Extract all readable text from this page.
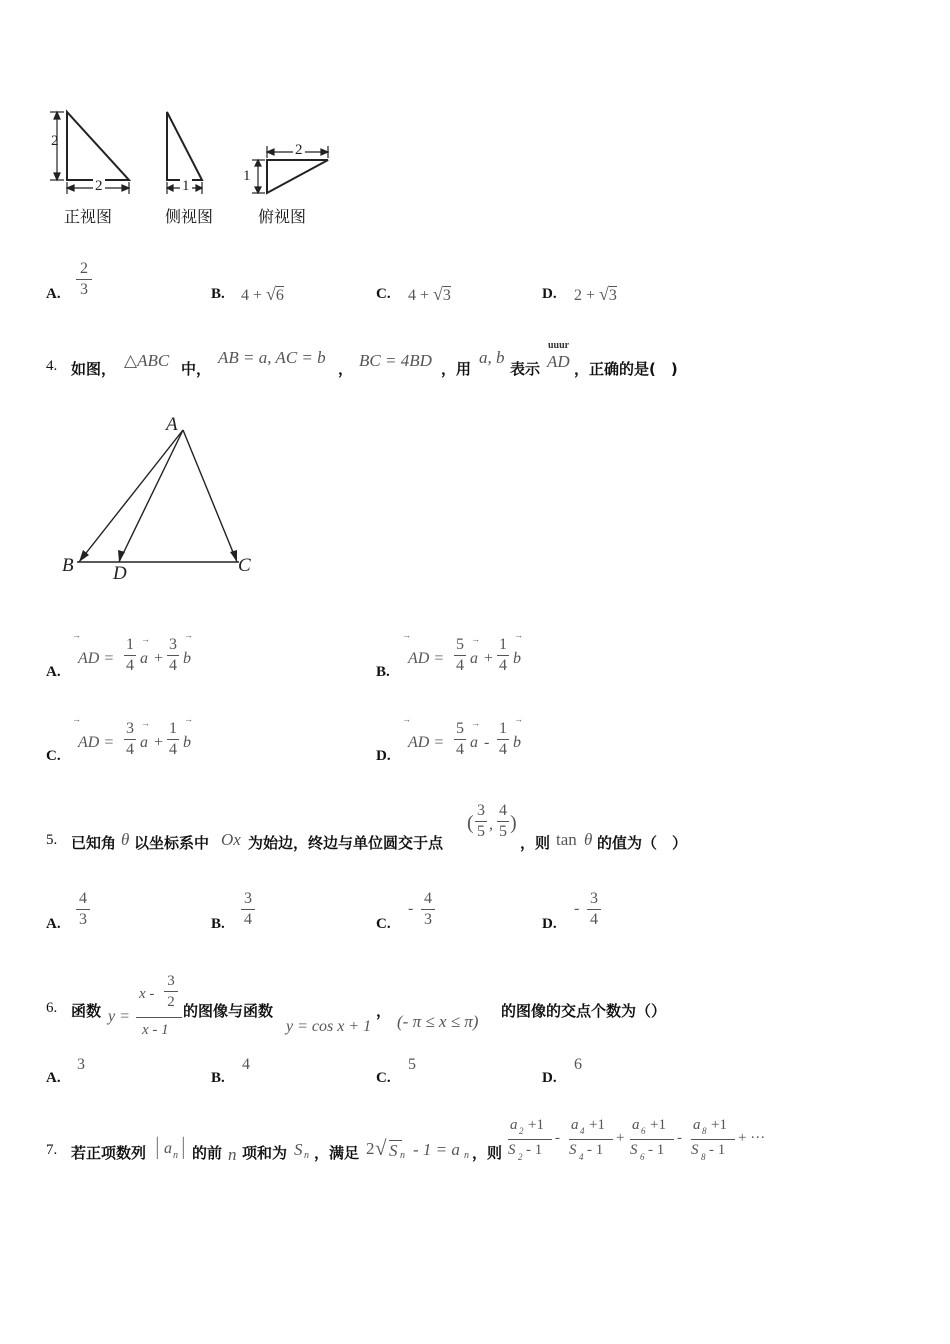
2
2	1
2
1
正视图	侧视图	俯视图
A.
2
3	B. 4 + √6	C. 4 + √3	D. 2 + √3
4. 如图， △ABC 中，
AB = a, AC = b
， BC = 4BD ，用
a, b
表示
uuur
AD ，正确的是(　)
A
B D	C
A.
→
AD =
1
4
→
a +
3
4
→
b
B.
→
AD =
5
4
→
a +
1
4
→
b
C.
→
AD =
3
4
→
a +
1
4
→
b
D.
→
AD =
5
4
→
a -
1
4
→
b
5. 已知角 θ 以坐标系中 Ox 为始边，终边与单位圆交于点
(
3
5 ,
4
5 )
，则 tan θ 的值为（　）
A.
4
3	B.
3
4	C.
-
4
3	D.
-
3
4
6. 函数 y =
x -
3
2
x - 1
的图像与函数	，
y = cos x + 1 (- π ≤ x ≤ π)
的图像的交点个数为（）
A.
3
B.
4
C.
5
D.
6
7. 若正项数列 | a n | 的前 n 项和为 S n ，满足 2 √ S n - 1 = a n ，则
a 2 +1
S 2 - 1
-
a 4 +1
S 4 - 1
+
a 6 +1
S 6 - 1
-
a 8 +1
S 8 - 1
+ ···
